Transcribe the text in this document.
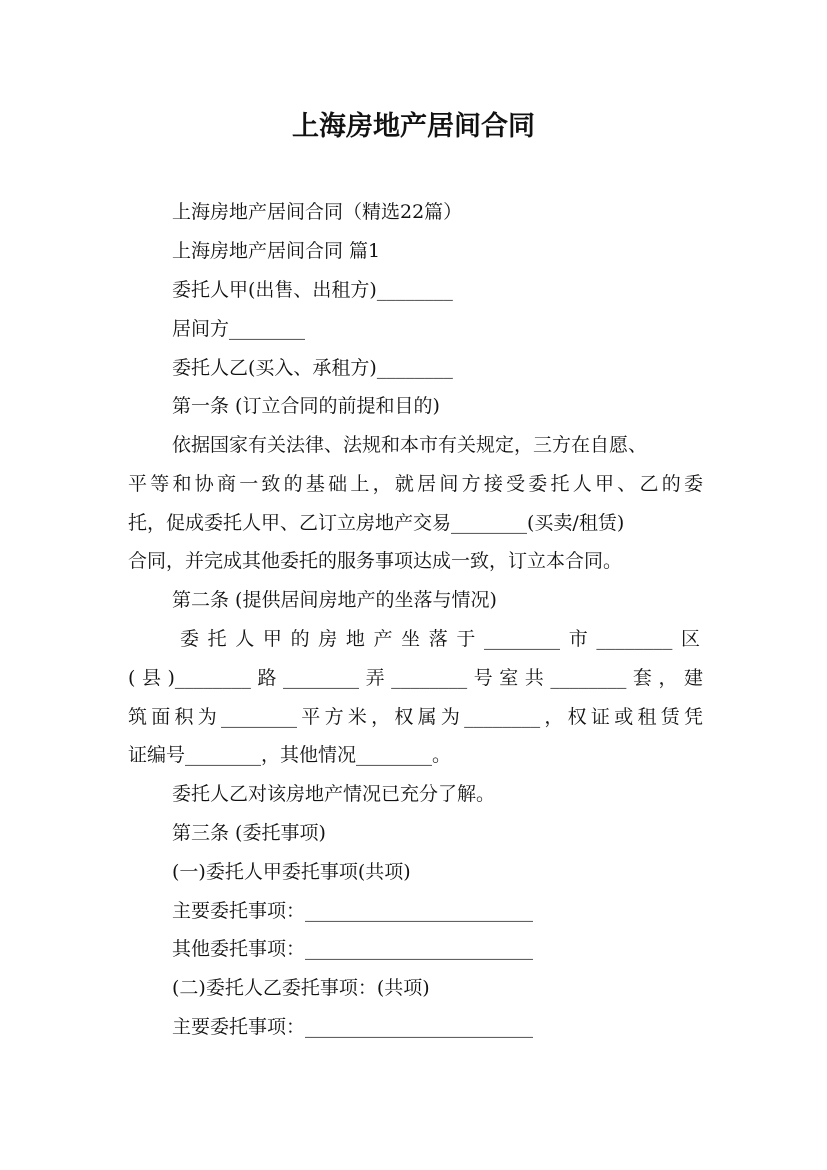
上海房地产居间合同

上海房地产居间合同（精选22篇）

上海房地产居间合同 篇1

委托人甲(出售、出租方)________

居间方________

委托人乙(买入、承租方)________

第一条 (订立合同的前提和目的)

依据国家有关法律、法规和本市有关规定，三方在自愿、

平等和协商一致的基础上，就居间方接受委托人甲、乙的委

托，促成委托人甲、乙订立房地产交易________(买卖/租赁)

合同，并完成其他委托的服务事项达成一致，订立本合同。

第二条 (提供居间房地产的坐落与情况)

委托人甲的房地产坐落于________市________区

(县)________路________弄________号室共________套，建

筑面积为________平方米，权属为________，权证或租赁凭

证编号________，其他情况________。

委托人乙对该房地产情况已充分了解。

第三条 (委托事项)

(一)委托人甲委托事项(共项)

主要委托事项：________________________

其他委托事项：________________________

(二)委托人乙委托事项：(共项)

主要委托事项：________________________
